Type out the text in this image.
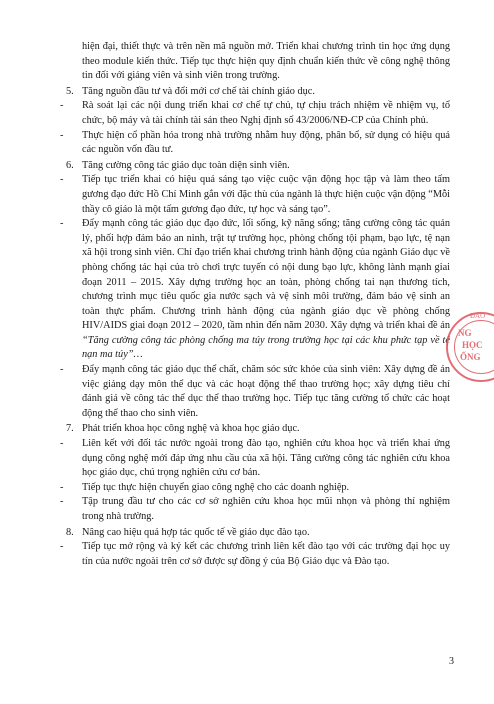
hiện đại, thiết thực và trên nền mã nguồn mở. Triển khai chương trình tin học ứng dụng theo module kiến thức. Tiếp tục thực hiện quy định chuẩn kiến thức về công nghệ thông tin đối với giảng viên và sinh viên trong trường.

5. Tăng nguồn đầu tư và đổi mới cơ chế tài chính giáo dục.

- Rà soát lại các nội dung triển khai cơ chế tự chủ, tự chịu trách nhiệm về nhiệm vụ, tổ chức, bộ máy và tài chính tài sản theo Nghị định số 43/2006/NĐ-CP của Chính phủ.

- Thực hiện cổ phần hóa trong nhà trường nhằm huy động, phân bổ, sử dụng có hiệu quả các nguồn vốn đầu tư.

6. Tăng cường công tác giáo dục toàn diện sinh viên.

- Tiếp tục triển khai có hiệu quả sáng tạo việc cuộc vận động học tập và làm theo tấm gương đạo đức Hồ Chí Minh gắn với đặc thù của ngành là thực hiện cuộc vận động “Mỗi thầy cô giáo là một tấm gương đạo đức, tự học và sáng tạo”.

- Đẩy mạnh công tác giáo dục đạo đức, lối sống, kỹ năng sống; tăng cường công tác quản lý, phối hợp đảm bảo an ninh, trật tự trường học, phòng chống tội phạm, bạo lực, tệ nạn xã hội trong sinh viên. Chỉ đạo triển khai chương trình hành động của ngành Giáo dục về phòng chống tác hại của trò chơi trực tuyến có nội dung bạo lực, không lành mạnh giai đoạn 2011 – 2015. Xây dựng trường học an toàn, phòng chống tai nạn thương tích, chương trình mục tiêu quốc gia nước sạch và vệ sinh môi trường, đảm bảo vệ sinh an toàn thực phẩm. Chương trình hành động của ngành giáo dục về phòng chống HIV/AIDS giai đoạn 2012 – 2020, tầm nhìn đến năm 2030. Xây dựng và triển khai đề án “Tăng cường công tác phòng chống ma túy trong trường học tại các khu phức tạp về tệ nạn ma túy”…

- Đẩy mạnh công tác giáo dục thể chất, chăm sóc sức khỏe của sinh viên: Xây dựng đề án việc giảng dạy môn thể dục và các hoạt động thể thao trường học; xây dựng tiêu chí đánh giá về công tác thể dục thể thao trường học. Tiếp tục tăng cường tổ chức các hoạt động thể thao cho sinh viên.

7. Phát triển khoa học công nghệ và khoa học giáo dục.

- Liên kết với đối tác nước ngoài trong đào tạo, nghiên cứu khoa học và triển khai ứng dụng công nghệ mới đáp ứng nhu cầu của xã hội. Tăng cường công tác nghiên cứu khoa học giáo dục, chú trọng nghiên cứu cơ bản.

- Tiếp tục thực hiện chuyển giao công nghệ cho các doanh nghiệp.

- Tập trung đầu tư cho các cơ sở nghiên cứu khoa học mũi nhọn và phòng thí nghiệm trong nhà trường.

8. Nâng cao hiệu quả hợp tác quốc tế về giáo dục đào tạo.

- Tiếp tục mở rộng và ký kết các chương trình liên kết đào tạo với các trường đại học uy tín của nước ngoài trên cơ sở được sự đồng ý của Bộ Giáo dục và Đào tạo.

ĐẢO
NG
HỌC
ỐNG
3
